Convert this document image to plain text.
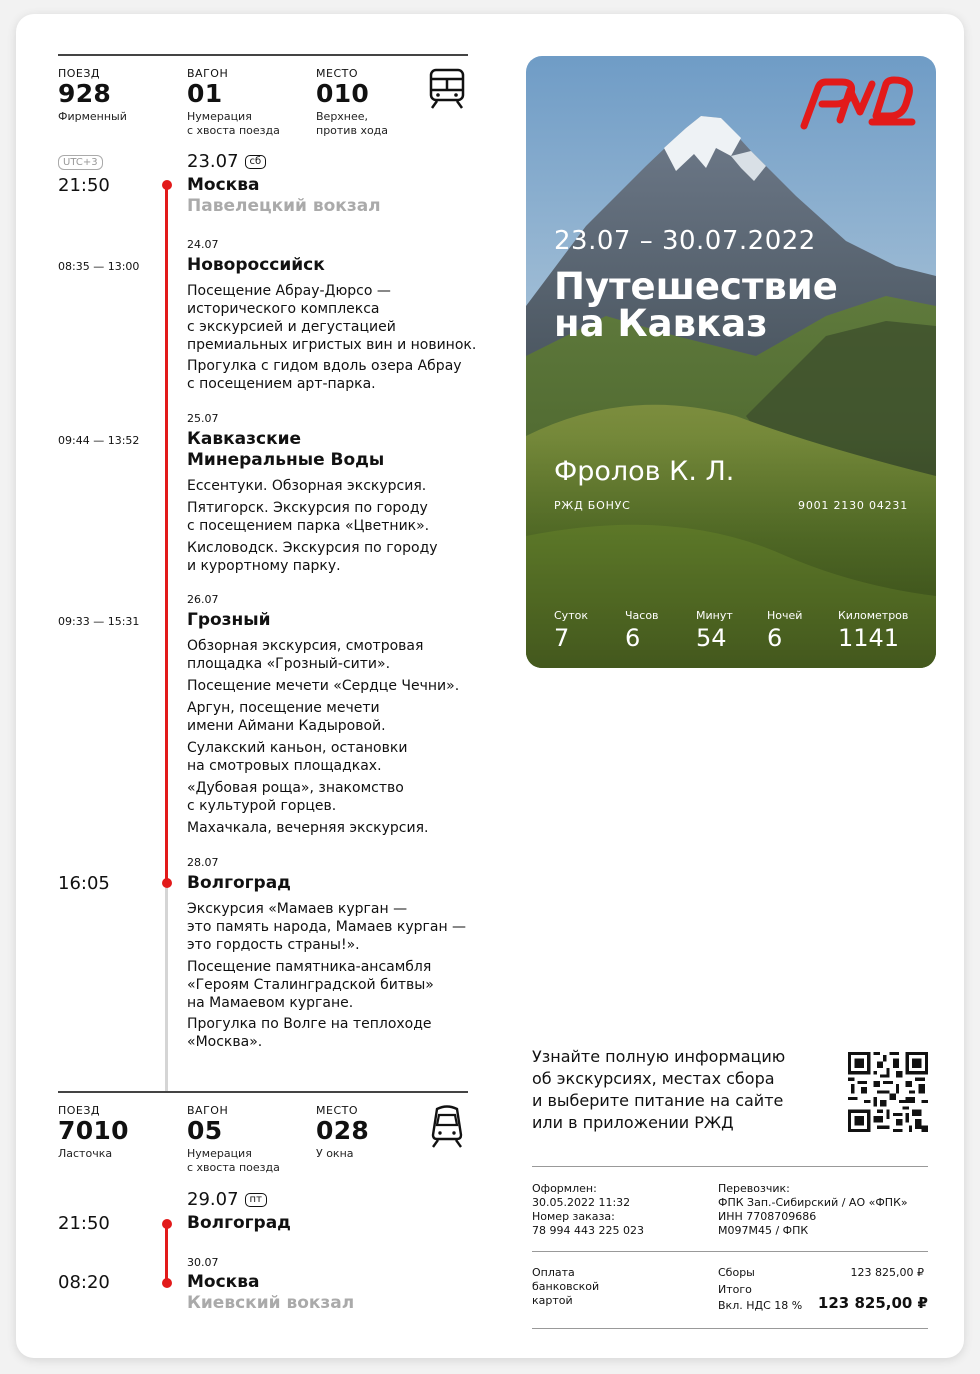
ПОЕЗД
928
Фирменный
ВАГОН
01
Нумерация
с хвоста поезда
МЕСТО
010
Верхнее,
против хода
UTC+3
21:50
23.07 сб
Москва
Павелецкий вокзал
08:35 — 13:00
24.07
Новороссийск
Посещение Абрау-Дюрсо —
исторического комплекса
с экскурсией и дегустацией
премиальных игристых вин и новинок.
Прогулка с гидом вдоль озера Абрау
с посещением арт-парка.
09:44 — 13:52
25.07
Кавказские
Минеральные Воды
Ессентуки. Обзорная экскурсия.
Пятигорск. Экскурсия по городу
с посещением парка «Цветник».
Кисловодск. Экскурсия по городу
и курортному парку.
09:33 — 15:31
26.07
Грозный
Обзорная экскурсия, смотровая
площадка «Грозный-сити».
Посещение мечети «Сердце Чечни».
Аргун, посещение мечети
имени Аймани Кадыровой.
Сулакский каньон, остановки
на смотровых площадках.
«Дубовая роща», знакомство
с культурой горцев.
Махачкала, вечерняя экскурсия.
16:05
28.07
Волгоград
Экскурсия «Мамаев курган —
это память народа, Мамаев курган —
это гордость страны!».
Посещение памятника-ансамбля
«Героям Сталинградской битвы»
на Мамаевом кургане.
Прогулка по Волге на теплоходе
«Москва».
ПОЕЗД
7010
Ласточка
ВАГОН
05
Нумерация
с хвоста поезда
МЕСТО
028
У окна
21:50
29.07 пт
Волгоград
08:20
30.07
Москва
Киевский вокзал
23.07 – 30.07.2022
Путешествие
на Кавказ
Фролов К. Л.
РЖД БОНУС	9001 2130 04231
Суток
7
Часов
6
Минут
54
Ночей
6
Километров
1141
Узнайте полную информацию
об экскурсиях, местах сбора
и выберите питание на сайте
или в приложении РЖД
Оформлен:
30.05.2022 11:32
Номер заказа:
78 994 443 225 023
Перевозчик:
ФПК Зап.-Сибирский / АО «ФПК»
ИНН 7708709686
М097М45 / ФПК
Оплата
банковской
картой
Сборы	123 825,00 ₽
Итого
Вкл. НДС 18 % 123 825,00 ₽
